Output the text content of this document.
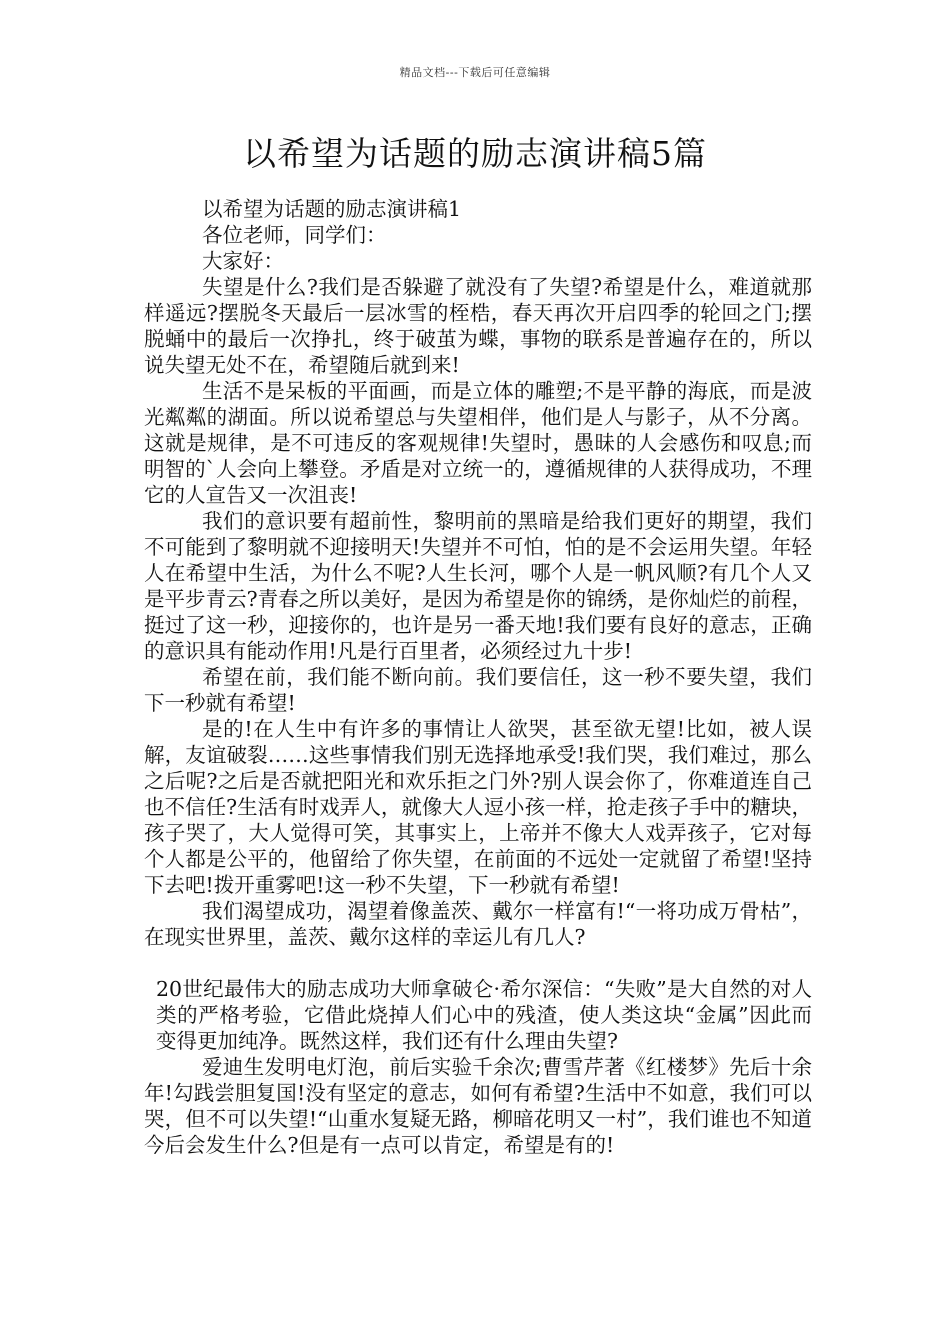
精品文档---下载后可任意编辑
以希望为话题的励志演讲稿5篇

以希望为话题的励志演讲稿1

各位老师，同学们：

大家好：

失望是什么?我们是否躲避了就没有了失望?希望是什么，难道就那样遥远?摆脱冬天最后一层冰雪的桎梏，春天再次开启四季的轮回之门;摆脱蛹中的最后一次挣扎，终于破茧为蝶，事物的联系是普遍存在的，所以说失望无处不在，希望随后就到来!

生活不是呆板的平面画，而是立体的雕塑;不是平静的海底，而是波光粼粼的湖面。所以说希望总与失望相伴，他们是人与影子，从不分离。这就是规律，是不可违反的客观规律!失望时，愚昧的人会感伤和叹息;而明智的`人会向上攀登。矛盾是对立统一的，遵循规律的人获得成功，不理它的人宣告又一次沮丧!

我们的意识要有超前性，黎明前的黑暗是给我们更好的期望，我们不可能到了黎明就不迎接明天!失望并不可怕，怕的是不会运用失望。年轻人在希望中生活，为什么不呢?人生长河，哪个人是一帆风顺?有几个人又是平步青云?青春之所以美好，是因为希望是你的锦绣，是你灿烂的前程，挺过了这一秒，迎接你的，也许是另一番天地!我们要有良好的意志，正确的意识具有能动作用!凡是行百里者，必须经过九十步!

希望在前，我们能不断向前。我们要信任，这一秒不要失望，我们下一秒就有希望!

是的!在人生中有许多的事情让人欲哭，甚至欲无望!比如，被人误解，友谊破裂……这些事情我们别无选择地承受!我们哭，我们难过，那么之后呢?之后是否就把阳光和欢乐拒之门外?别人误会你了，你难道连自己也不信任?生活有时戏弄人，就像大人逗小孩一样，抢走孩子手中的糖块，孩子哭了，大人觉得可笑，其事实上，上帝并不像大人戏弄孩子，它对每个人都是公平的，他留给了你失望，在前面的不远处一定就留了希望!坚持下去吧!拨开重雾吧!这一秒不失望，下一秒就有希望!

我们渴望成功，渴望着像盖茨、戴尔一样富有!“一将功成万骨枯”，在现实世界里，盖茨、戴尔这样的幸运儿有几人?

20世纪最伟大的励志成功大师拿破仑·希尔深信：“失败”是大自然的对人类的严格考验，它借此烧掉人们心中的残渣，使人类这块“金属”因此而变得更加纯净。既然这样，我们还有什么理由失望?

爱迪生发明电灯泡，前后实验千余次;曹雪芹著《红楼梦》先后十余年!勾践尝胆复国!没有坚定的意志，如何有希望?生活中不如意，我们可以哭，但不可以失望!“山重水复疑无路，柳暗花明又一村”，我们谁也不知道今后会发生什么?但是有一点可以肯定，希望是有的!
